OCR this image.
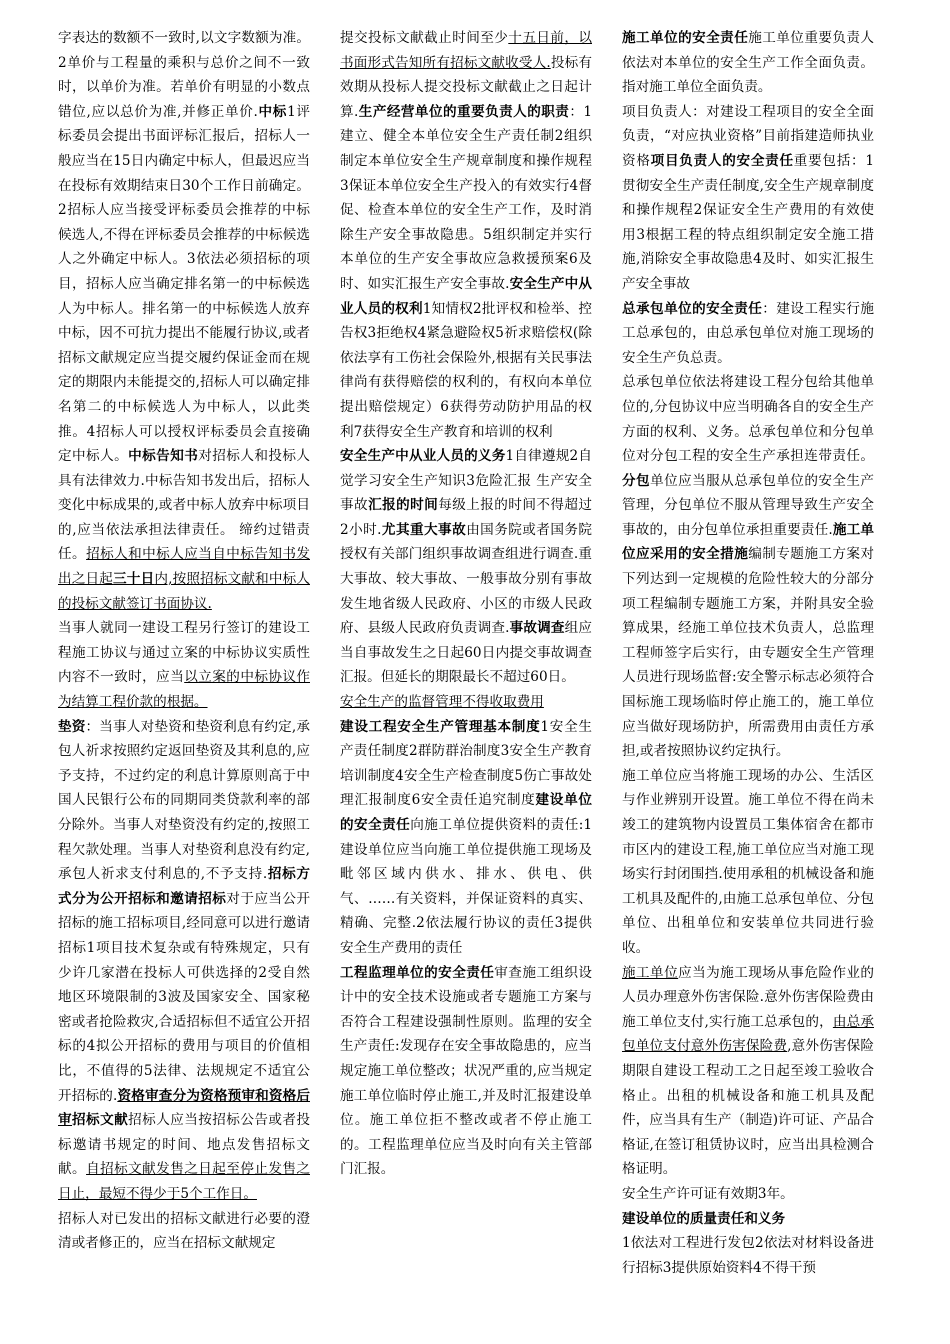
字表达的数额不一致时,以文字数额为准。2单价与工程量的乘积与总价之间不一致时，以单价为准。若单价有明显的小数点错位,应以总价为准,并修正单价.中标1评标委员会提出书面评标汇报后，招标人一般应当在15日内确定中标人，但最迟应当在投标有效期结束日30个工作日前确定。2招标人应当接受评标委员会推荐的中标候选人,不得在评标委员会推荐的中标候选人之外确定中标人。3依法必须招标的项目，招标人应当确定排名第一的中标候选人为中标人。排名第一的中标候选人放弃中标，因不可抗力提出不能履行协议,或者招标文献规定应当提交履约保证金而在规定的期限内未能提交的,招标人可以确定排名第二的中标候选人为中标人，以此类推。4招标人可以授权评标委员会直接确定中标人。中标告知书对招标人和投标人具有法律效力.中标告知书发出后，招标人变化中标成果的,或者中标人放弃中标项目的,应当依法承担法律责任。 缔约过错责任。招标人和中标人应当自中标告知书发出之日起三十日内,按照招标文献和中标人的投标文献签订书面协议.

当事人就同一建设工程另行签订的建设工程施工协议与通过立案的中标协议实质性内容不一致时，应当以立案的中标协议作为结算工程价款的根据。

垫资：当事人对垫资和垫资利息有约定,承包人祈求按照约定返回垫资及其利息的,应予支持，不过约定的利息计算原则高于中国人民银行公布的同期同类贷款利率的部分除外。当事人对垫资没有约定的,按照工程欠款处理。当事人对垫资利息没有约定,承包人祈求支付利息的,不予支持.招标方式分为公开招标和邀请招标对于应当公开招标的施工招标项目,经同意可以进行邀请招标1项目技术复杂或有特殊规定，只有少许几家潜在投标人可供选择的2受自然地区环境限制的3波及国家安全、国家秘密或者抢险救灾,合适招标但不适宜公开招标的4拟公开招标的费用与项目的价值相比，不值得的5法律、法规规定不适宜公开招标的.资格审查分为资格预审和资格后审招标文献招标人应当按招标公告或者投标邀请书规定的时间、地点发售招标文献。自招标文献发售之日起至停止发售之日止，最短不得少于5个工作日。

招标人对已发出的招标文献进行必要的澄清或者修正的，应当在招标文献规定

提交投标文献截止时间至少十五日前，以书面形式告知所有招标文献收受人.投标有效期从投标人提交投标文献截止之日起计算.生产经营单位的重要负责人的职责：1建立、健全本单位安全生产责任制2组织制定本单位安全生产规章制度和操作规程3保证本单位安全生产投入的有效实行4督促、检查本单位的安全生产工作，及时消除生产安全事故隐患。5组织制定并实行本单位的生产安全事故应急救援预案6及时、如实汇报生产安全事故.安全生产中从业人员的权利1知情权2批评权和检举、控告权3拒绝权4紧急避险权5祈求赔偿权(除依法享有工伤社会保险外,根据有关民事法律尚有获得赔偿的权利的，有权向本单位提出赔偿规定）6获得劳动防护用品的权利7获得安全生产教育和培训的权利

安全生产中从业人员的义务1自律遵规2自觉学习安全生产知识3危险汇报 生产安全事故汇报的时间每级上报的时间不得超过2小时.尤其重大事故由国务院或者国务院授权有关部门组织事故调查组进行调查.重大事故、较大事故、一般事故分别有事故发生地省级人民政府、小区的市级人民政府、县级人民政府负责调查.事故调查组应当自事故发生之日起60日内提交事故调查汇报。但延长的期限最长不超过60日。

安全生产的监督管理不得收取费用

建设工程安全生产管理基本制度1安全生产责任制度2群防群治制度3安全生产教育培训制度4安全生产检查制度5伤亡事故处理汇报制度6安全责任追究制度建设单位的安全责任向施工单位提供资料的责任:1建设单位应当向施工单位提供施工现场及毗邻区域内供水、排水、供电、供气、……有关资料，并保证资料的真实、精确、完整.2依法履行协议的责任3提供安全生产费用的责任

工程监理单位的安全责任审查施工组织设计中的安全技术设施或者专题施工方案与否符合工程建设强制性原则。监理的安全生产责任:发现存在安全事故隐患的，应当规定施工单位整改；状况严重的,应当规定施工单位临时停止施工,并及时汇报建设单位。施工单位拒不整改或者不停止施工的。工程监理单位应当及时向有关主管部门汇报。

施工单位的安全责任施工单位重要负责人依法对本单位的安全生产工作全面负责。指对施工单位全面负责。

项目负责人：对建设工程项目的安全全面负责，“对应执业资格”目前指建造师执业资格项目负责人的安全责任重要包括：1贯彻安全生产责任制度,安全生产规章制度和操作规程2保证安全生产费用的有效使用3根据工程的特点组织制定安全施工措施,消除安全事故隐患4及时、如实汇报生产安全事故

总承包单位的安全责任：建设工程实行施工总承包的，由总承包单位对施工现场的安全生产负总责。

总承包单位依法将建设工程分包给其他单位的,分包协议中应当明确各自的安全生产方面的权利、义务。总承包单位和分包单位对分包工程的安全生产承担连带责任。分包单位应当服从总承包单位的安全生产管理，分包单位不服从管理导致生产安全事故的，由分包单位承担重要责任.施工单位应采用的安全措施编制专题施工方案对下列达到一定规模的危险性较大的分部分项工程编制专题施工方案，并附具安全验算成果，经施工单位技术负责人，总监理工程师签字后实行，由专题安全生产管理人员进行现场监督:安全警示标志必须符合国标施工现场临时停止施工的，施工单位应当做好现场防护，所需费用由责任方承担,或者按照协议约定执行。

施工单位应当将施工现场的办公、生活区与作业辨别开设置。施工单位不得在尚未竣工的建筑物内设置员工集体宿舍在都市市区内的建设工程,施工单位应当对施工现场实行封闭围挡.使用承租的机械设备和施工机具及配件的,由施工总承包单位、分包单位、出租单位和安装单位共同进行验收。

施工单位应当为施工现场从事危险作业的人员办理意外伤害保险.意外伤害保险费由施工单位支付,实行施工总承包的，由总承包单位支付意外伤害保险费,意外伤害保险期限自建设工程动工之日起至竣工验收合格止。出租的机械设备和施工机具及配件，应当具有生产（制造)许可证、产品合格证,在签订租赁协议时，应当出具检测合格证明。

安全生产许可证有效期3年。

建设单位的质量责任和义务

1依法对工程进行发包2依法对材料设备进行招标3提供原始资料4不得干预
